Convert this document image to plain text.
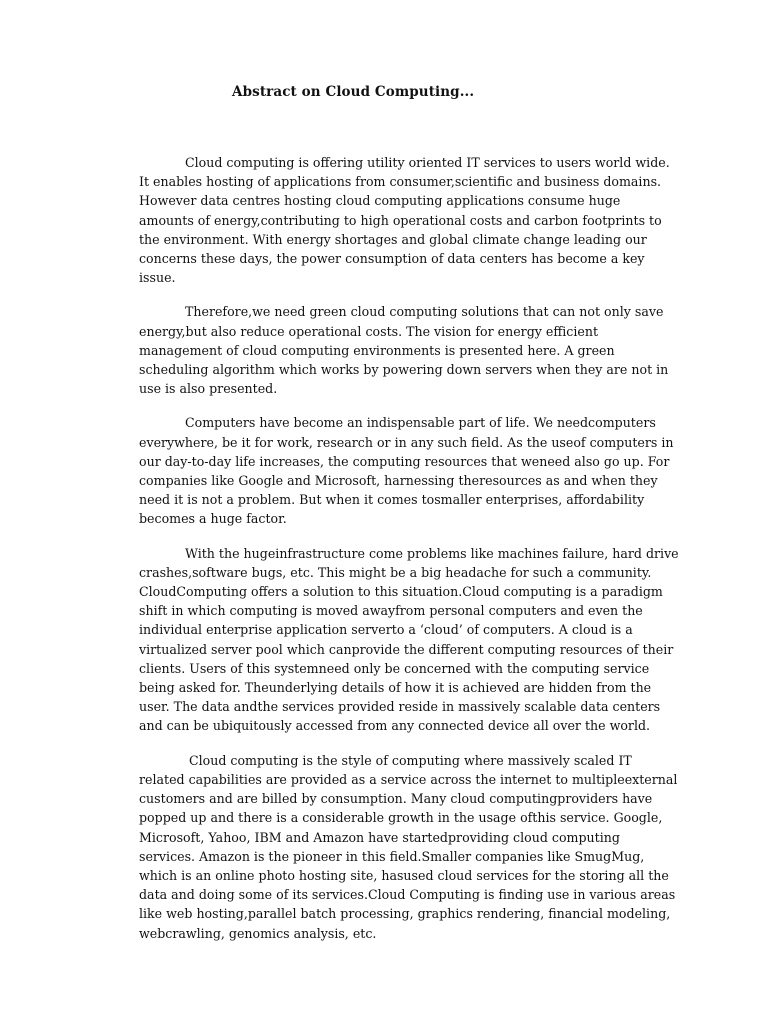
Abstract on Cloud Computing...

Cloud computing is offering utility oriented IT services to users world wide. It enables hosting of applications from consumer,scientific and business domains. However data centres hosting cloud computing applications consume huge amounts of energy,contributing to high operational costs and carbon footprints to the environment. With energy shortages and global climate change leading our concerns these days, the power consumption of data centers has become a key issue.

Therefore,we need green cloud computing solutions that can not only save energy,but also reduce operational costs. The vision for energy efficient management of cloud computing environments is presented here. A green scheduling algorithm which works by powering down servers when they are not in use is also presented.

Computers have become an indispensable part of life. We needcomputers everywhere, be it for work, research or in any such field. As the useof computers in our day-to-day life increases, the computing resources that weneed also go up. For companies like Google and Microsoft, harnessing theresources as and when they need it is not a problem. But when it comes tosmaller enterprises, affordability becomes a huge factor.

With the hugeinfrastructure come problems like machines failure, hard drive crashes,software bugs, etc. This might be a big headache for such a community. CloudComputing offers a solution to this situation.Cloud computing is a paradigm shift in which computing is moved awayfrom personal computers and even the individual enterprise application serverto a ‘cloud’ of computers. A cloud is a virtualized server pool which canprovide the different computing resources of their clients. Users of this systemneed only be concerned with the computing service being asked for. Theunderlying details of how it is achieved are hidden from the user. The data andthe services provided reside in massively scalable data centers and can be ubiquitously accessed from any connected device all over the world.

Cloud computing is the style of computing where massively scaled IT related capabilities are provided as a service across the internet to multipleexternal customers and are billed by consumption. Many cloud computingproviders have popped up and there is a considerable growth in the usage ofthis service. Google, Microsoft, Yahoo, IBM and Amazon have startedproviding cloud computing services. Amazon is the pioneer in this field.Smaller companies like SmugMug, which is an online photo hosting site, hasused cloud services for the storing all the data and doing some of its services.Cloud Computing is finding use in various areas like web hosting,parallel batch processing, graphics rendering, financial modeling, webcrawling, genomics analysis, etc.
